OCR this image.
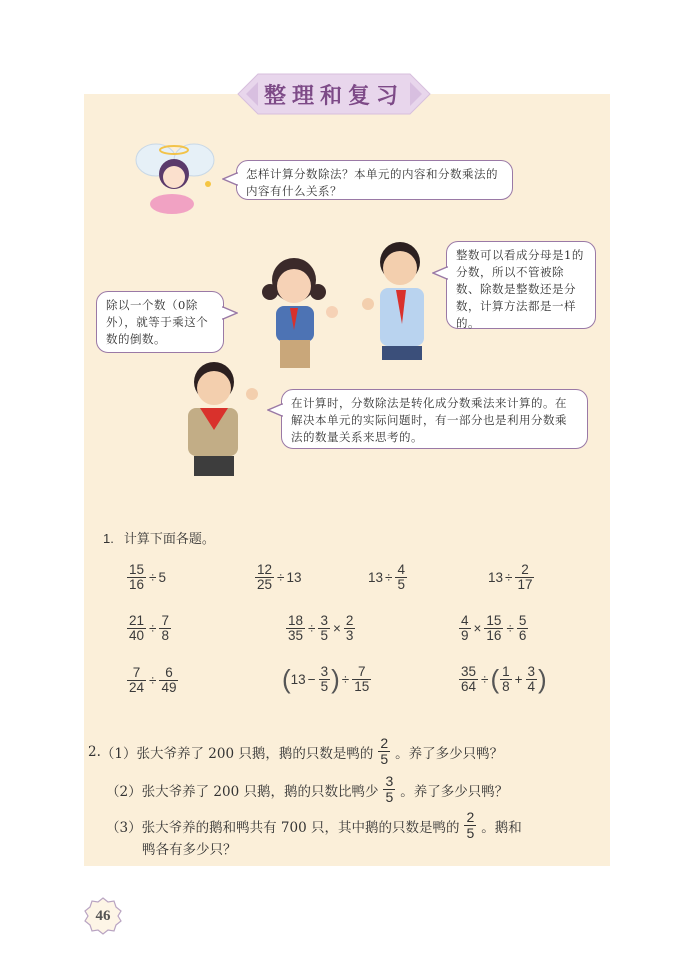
整理和复习
怎样计算分数除法？本单元的内容和分数乘法的内容有什么关系？
除以一个数（0除外），就等于乘这个数的倒数。
整数可以看成分母是1的分数，所以不管被除数、除数是整数还是分数，计算方法都是一样的。
在计算时，分数除法是转化成分数乘法来计算的。在解决本单元的实际问题时，有一部分也是利用分数乘法的数量关系来思考的。
1. 计算下面各题。
$\frac{15}{16} \div 5$	$\frac{12}{25} \div 13$	$13 \div \frac{4}{5}$	$13 \div \frac{2}{17}$
$\frac{21}{40} \div \frac{7}{8}$	$\frac{18}{35} \div \frac{3}{5} \times \frac{2}{3}$	$\frac{4}{9} \times \frac{15}{16} \div \frac{5}{6}$
$\frac{7}{24} \div \frac{6}{49}$	( $13 - \frac{3}{5}$ ) ÷ $\frac{7}{15}$	$\frac{35}{64}$ ÷ ( $\frac{1}{8} + \frac{3}{4}$ )
2. （1） 张大爷养了 200 只鹅，鹅的只数是鸭的
2
5 。养了多少只鸭？
（2） 张大爷养了 200 只鹅，鹅的只数比鸭少
3
5 。养了多少只鸭？
（3） 张大爷养的鹅和鸭共有 700 只，其中鹅的只数是鸭的
2
5 。鹅和
鸭各有多少只？
46
